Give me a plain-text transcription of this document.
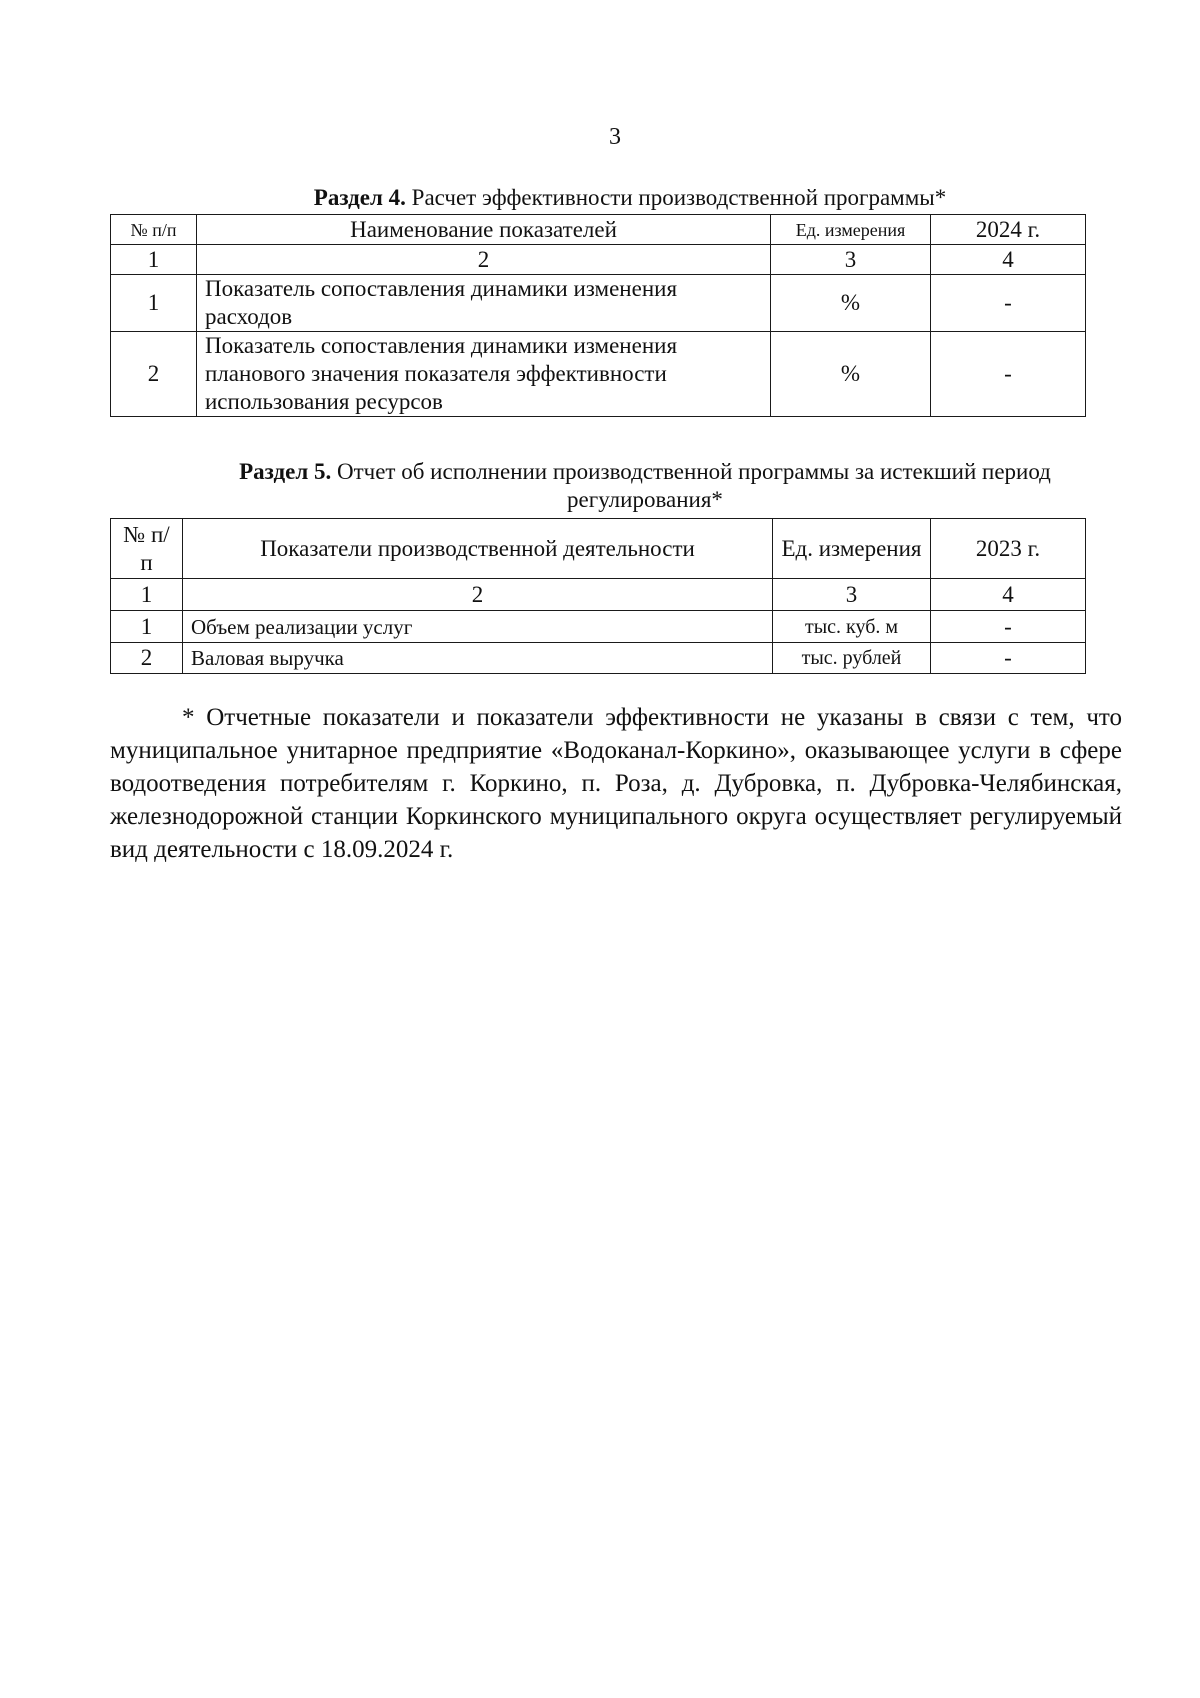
3
Раздел 4. Расчет эффективности производственной программы*
№ п/п	Наименование показателей	Ед. измерения	2024 г.
1	2	3	4
1	Показатель сопоставления динамики изменения расходов	%	-
2	Показатель сопоставления динамики изменения планового значения показателя эффективности использования ресурсов	%	-
Раздел 5. Отчет об исполнении производственной программы за истекший период регулирования*
№ п/п	Показатели производственной деятельности	Ед. измерения	2023 г.
1	2	3	4
1	Объем реализации услуг	тыс. куб. м	-
2	Валовая выручка	тыс. рублей	-

* Отчетные показатели и показатели эффективности не указаны в связи с тем, что муниципальное унитарное предприятие «Водоканал-Коркино», оказывающее услуги в сфере водоотведения потребителям г. Коркино, п. Роза, д. Дубровка, п. Дубровка-Челябинская, железнодорожной станции Коркинского муниципального округа осуществляет регулируемый вид деятельности с 18.09.2024 г.
